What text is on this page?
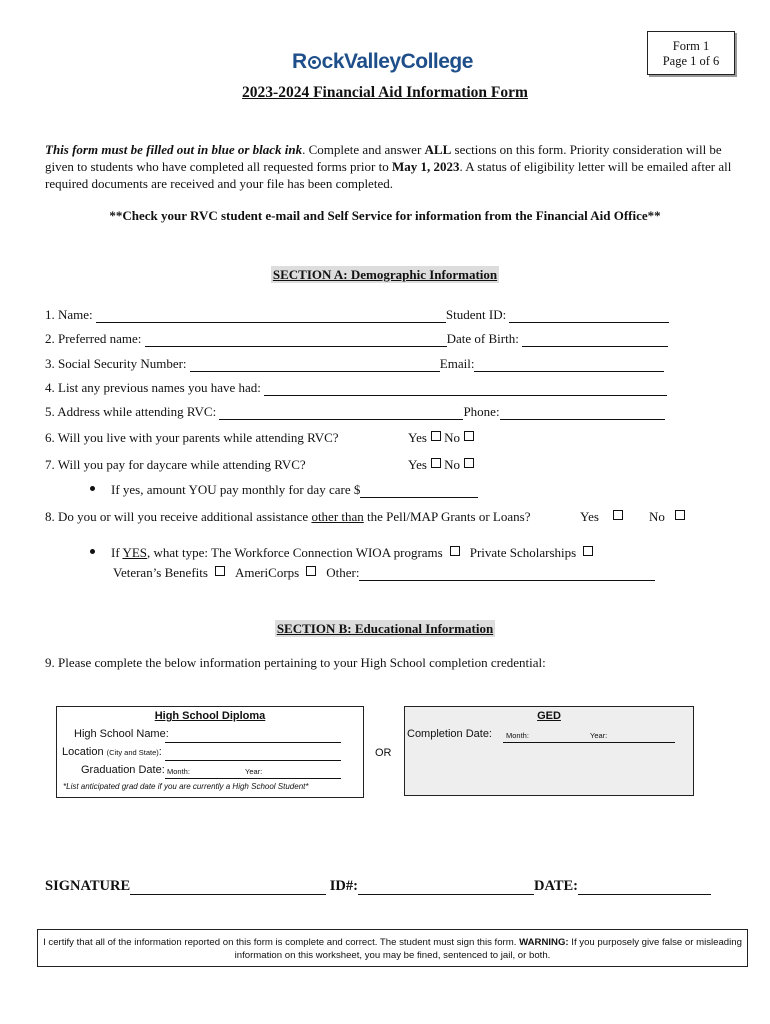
Form 1
Page 1 of 6
R ckValleyCollege
2023-2024 Financial Aid Information Form
This form must be filled out in blue or black ink. Complete and answer ALL sections on this form. Priority consideration will be given to students who have completed all requested forms prior to May 1, 2023. A status of eligibility letter will be emailed after all required documents are received and your file has been completed.
**Check your RVC student e-mail and Self Service for information from the Financial Aid Office**
SECTION A: Demographic Information
1. Name:	Student ID:
2. Preferred name:	Date of Birth:
3. Social Security Number:	Email:
4. List any previous names you have had:
5. Address while attending RVC:	Phone:
6. Will you live with your parents while attending RVC?	Yes No
7. Will you pay for daycare while attending RVC?	Yes No
If yes, amount YOU pay monthly for day care $
8. Do you or will you receive additional assistance other than the Pell/MAP Grants or Loans?	Yes	No
If YES, what type: The Workforce Connection WIOA programs    Private Scholarships
Veteran’s Benefits    AmeriCorps    Other:
SECTION B: Educational Information
9. Please complete the below information pertaining to your High School completion credential:
High School Diploma
High School Name:
Location (City and State):
Graduation Date: Month:	Year:
*List anticipated grad date if you are currently a High School Student*
OR
GED
Completion Date: Month:	Year:
SIGNATURE	ID#:	DATE:
I certify that all of the information reported on this form is complete and correct. The student must sign this form. WARNING: If you purposely give false or misleading information on this worksheet, you may be fined, sentenced to jail, or both.
